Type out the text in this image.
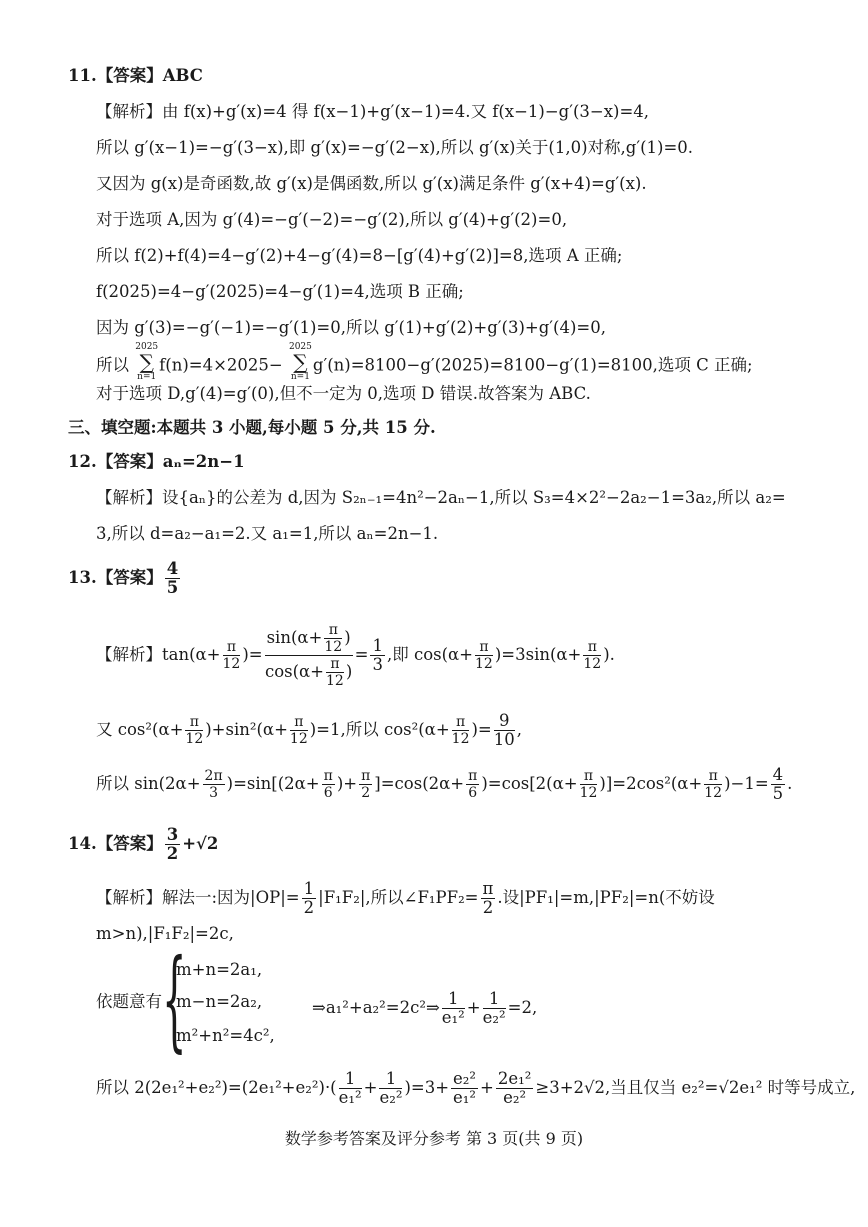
11.【答案】ABC
【解析】由 f(x)+g′(x)=4 得 f(x−1)+g′(x−1)=4.又 f(x−1)−g′(3−x)=4,
所以 g′(x−1)=−g′(3−x),即 g′(x)=−g′(2−x),所以 g′(x)关于(1,0)对称,g′(1)=0.
又因为 g(x)是奇函数,故 g′(x)是偶函数,所以 g′(x)满足条件 g′(x+4)=g′(x).
对于选项 A,因为 g′(4)=−g′(−2)=−g′(2),所以 g′(4)+g′(2)=0,
所以 f(2)+f(4)=4−g′(2)+4−g′(4)=8−[g′(4)+g′(2)]=8,选项 A 正确;
f(2025)=4−g′(2025)=4−g′(1)=4,选项 B 正确;
因为 g′(3)=−g′(−1)=−g′(1)=0,所以 g′(1)+g′(2)+g′(3)+g′(4)=0,
所以
2025
∑
n=1
f(n)=4×2025−
2025
∑
n=1
g′(n)=8100−g′(2025)=8100−g′(1)=8100,选项 C 正确;
对于选项 D,g′(4)=g′(0),但不一定为 0,选项 D 错误.故答案为 ABC.
三、填空题:本题共 3 小题,每小题 5 分,共 15 分.
12.【答案】aₙ=2n−1
【解析】设{aₙ}的公差为 d,因为 S₂ₙ₋₁=4n²−2aₙ−1,所以 S₃=4×2²−2a₂−1=3a₂,所以 a₂=
3,所以 d=a₂−a₁=2.又 a₁=1,所以 aₙ=2n−1.
13.【答案】 $\frac{4}{5}$
【解析】$\tan(\alpha+ \frac{\pi}{12}$ )= $\frac{\sin(\alpha+ \frac{\pi}{12} )}{\cos(\alpha+ \frac{\pi}{12} )} = \frac{1}{3}$ ,即 $\cos(\alpha+ \frac{\pi}{12} )=3\sin(\alpha+ \frac{\pi}{12}$ ).
又 $\cos^2(\alpha+ \frac{\pi}{12} )+\sin^2(\alpha+ \frac{\pi}{12} )=1$,所以 $\cos^2(\alpha+ \frac{\pi}{12}$ )= $\frac{9}{10}$ ,
所以 $\sin(2\alpha+ \frac{2\pi}{3} )=\sin[(2\alpha+ \frac{\pi}{6}$ )+ $\frac{\pi}{2} ]=\cos(2\alpha+ \frac{\pi}{6} )=\cos[2(\alpha+ \frac{\pi}{12} )]=2\cos^2(\alpha+ \frac{\pi}{12} )-1= \frac{4}{5}$ .
14.【答案】 $\frac{3}{2} +√2$
【解析】解法一:因为$|OP|= \frac{1}{2} |F_1F_2|$,所以∠F₁PF₂= $\frac{\pi}{2}$ .设|PF₁|=m,|PF₂|=n(不妨设
m>n),|F₁F₂|=2c,
依题意有 {
m+n=2a₁,
m−n=2a₂,
m²+n²=4c²,
⇒a₁²+a₂²=2c²⇒ $\frac{1}{\text{e₁²}} + \frac{1}{\text{e₂²}} =2$,
所以 $2(2e_1^2+e_2^2)=(2e_1^2+e_2^2)\cdot( \frac{1}{\text{e₁²}} + \frac{1}{\text{e₂²}} )=3+ \frac{\text{e₂²}}{\text{e₁²}} + \frac{\text{2e₁²}}{\text{e₂²}} \ge 3+2√2$,当且仅当 e₂²=√2e₁² 时等号成立,
数学参考答案及评分参考 第 3 页(共 9 页)
